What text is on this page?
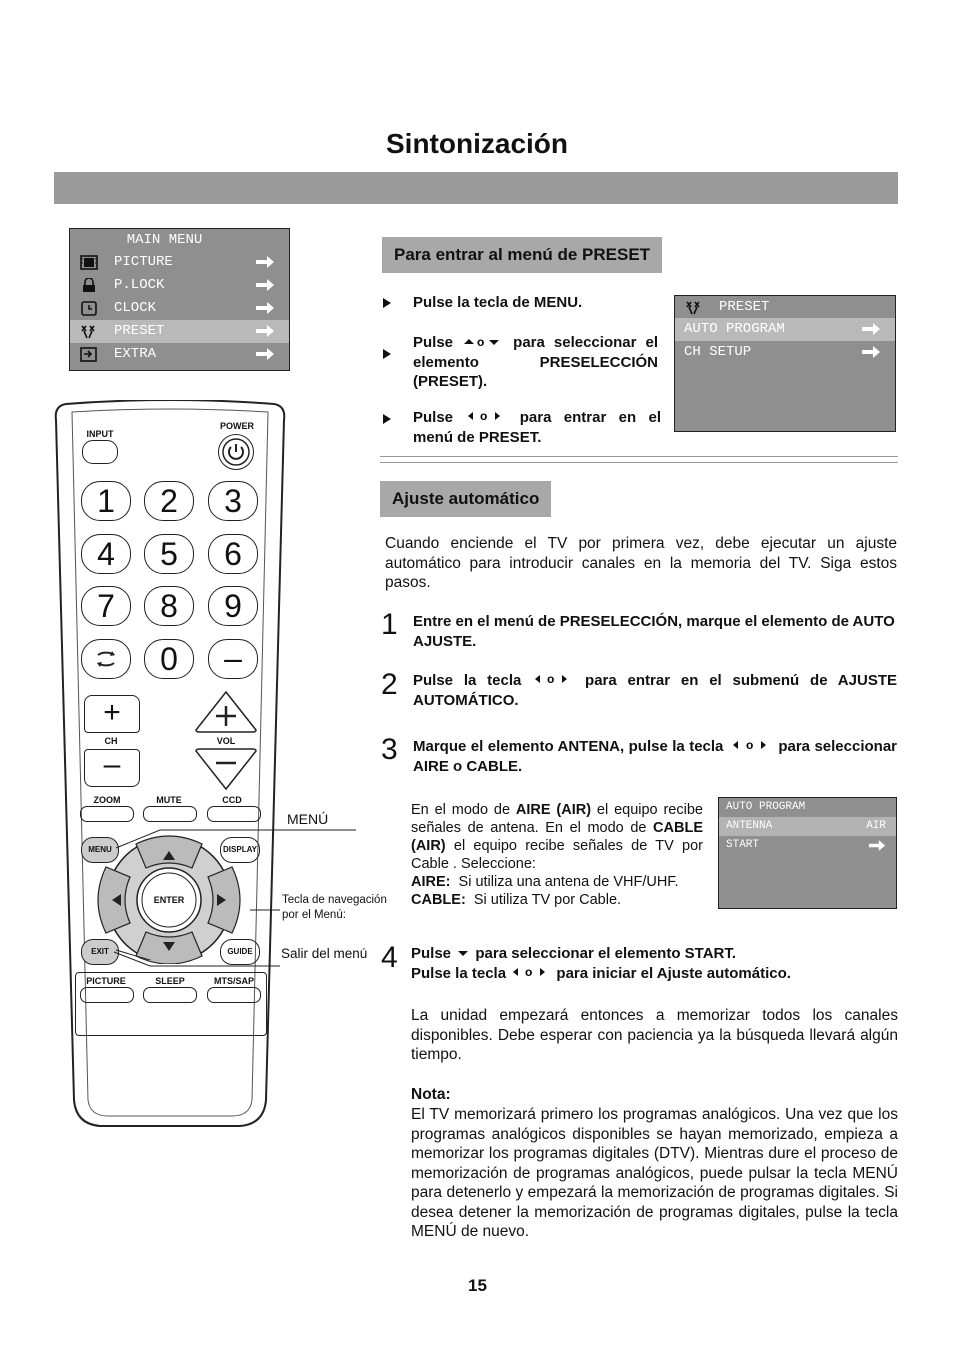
Sintonización
MAIN MENU
PICTURE
P.LOCK
CLOCK
PRESET
EXTRA
Para entrar al menú de PRESET
Pulse la tecla de MENU.
Pulse o para seleccionar el elemento PRESELECCIÓN (PRESET).
Pulse o para entrar en el menú de PRESET.
PRESET
AUTO PROGRAM
CH SETUP
Ajuste automático
Cuando enciende el TV por primera vez, debe ejecutar un ajuste automático para introducir canales en la memoria del TV. Siga estos pasos.
1 Entre en el menú de PRESELECCIÓN, marque el elemento de AUTO AJUSTE.
2 Pulse la tecla o para entrar en el submenú de AJUSTE AUTOMÁTICO.
3 Marque el elemento ANTENA, pulse la tecla o para seleccionar AIRE o CABLE.
En el modo de AIRE (AIR) el equipo recibe señales de antena. En el modo de CABLE (AIR) el equipo recibe señales de TV por Cable . Seleccione:
AIRE: Si utiliza una antena de VHF/UHF.
CABLE: Si utiliza TV por Cable.
AUTO PROGRAM
ANTENNA	AIR
START
4 Pulse para seleccionar el elemento START.
Pulse la tecla o para iniciar el Ajuste automático.
La unidad empezará entonces a memorizar todos los canales disponibles. Debe esperar con paciencia ya la búsqueda llevará algún tiempo.
Nota:
El TV memorizará primero los programas analógicos. Una vez que los programas analógicos disponibles se hayan memorizado, empieza a memorizar los programas digitales (DTV). Mientras dure el proceso de memorización de programas analógicos, puede pulsar la tecla MENÚ para detenerlo y empezará la memorización de programas digitales. Si desea detener la memorización de programas digitales, pulse la tecla MENÚ de nuevo.
15
INPUT
POWER
1	2	3
4	5	6
7	8	9
0	–
+
CH
–
VOL
ZOOM	MUTE	CCD
ENTER
MENU	DISPLAY
EXIT	GUIDE
PICTURE	SLEEP	MTS/SAP
MENÚ
Tecla de navegación por el Menú:
Salir del menú
